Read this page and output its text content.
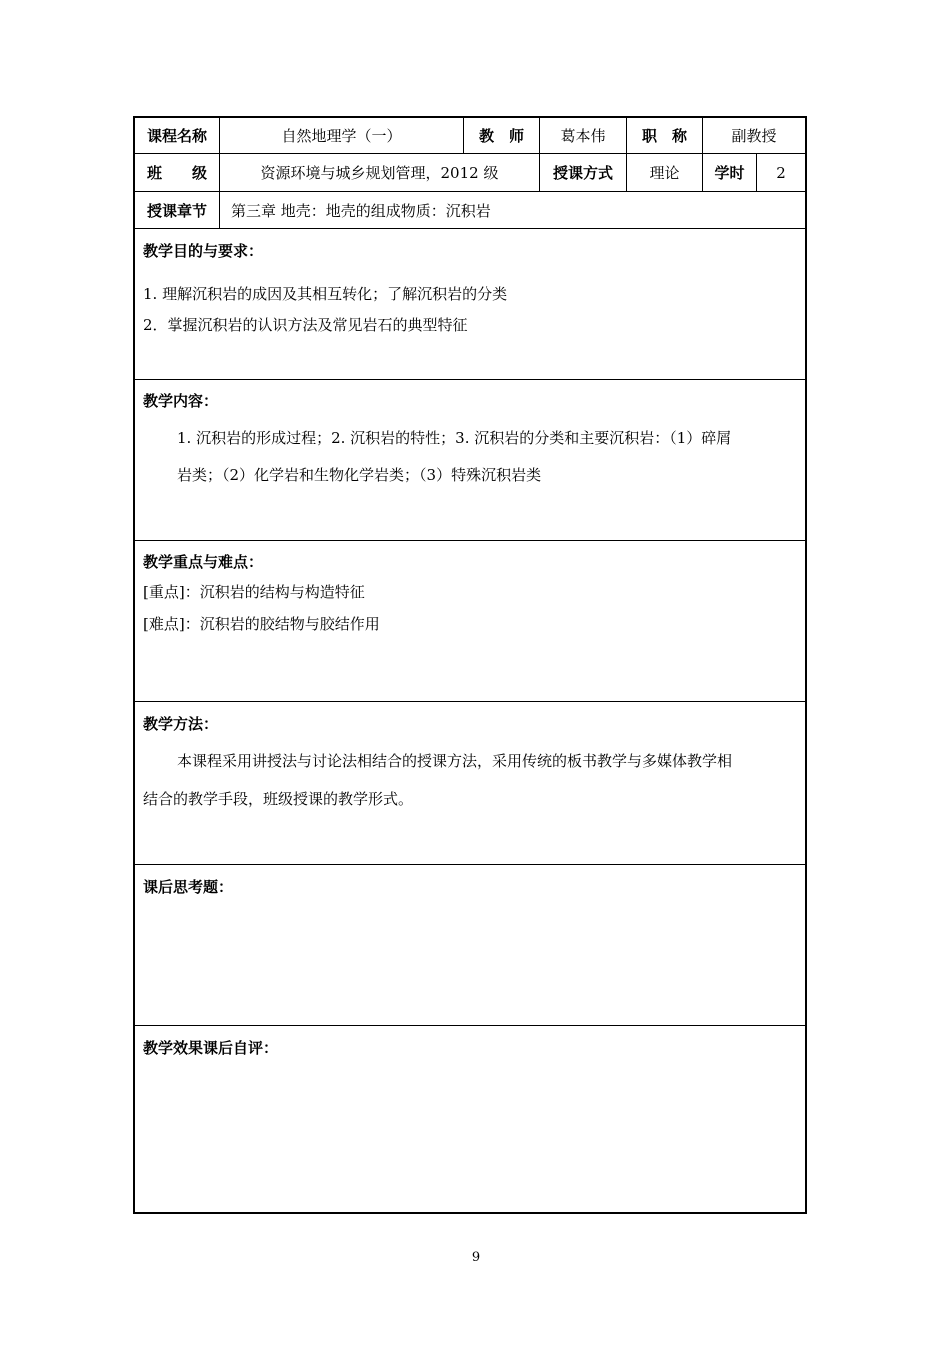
课程名称	自然地理学（一）	教　师	葛本伟	职　称	副教授
班　　级	资源环境与城乡规划管理，2012 级	授课方式	理论	学时	2
授课章节	第三章 地壳：地壳的组成物质：沉积岩
教学目的与要求：
1. 理解沉积岩的成因及其相互转化；了解沉积岩的分类
2．掌握沉积岩的认识方法及常见岩石的典型特征
教学内容：
1. 沉积岩的形成过程；2. 沉积岩的特性；3. 沉积岩的分类和主要沉积岩：（1）碎屑
岩类；（2）化学岩和生物化学岩类；（3）特殊沉积岩类
教学重点与难点：
[重点]：沉积岩的结构与构造特征
[难点]：沉积岩的胶结物与胶结作用
教学方法：
本课程采用讲授法与讨论法相结合的授课方法，采用传统的板书教学与多媒体教学相
结合的教学手段，班级授课的教学形式。
课后思考题：
教学效果课后自评：
9
